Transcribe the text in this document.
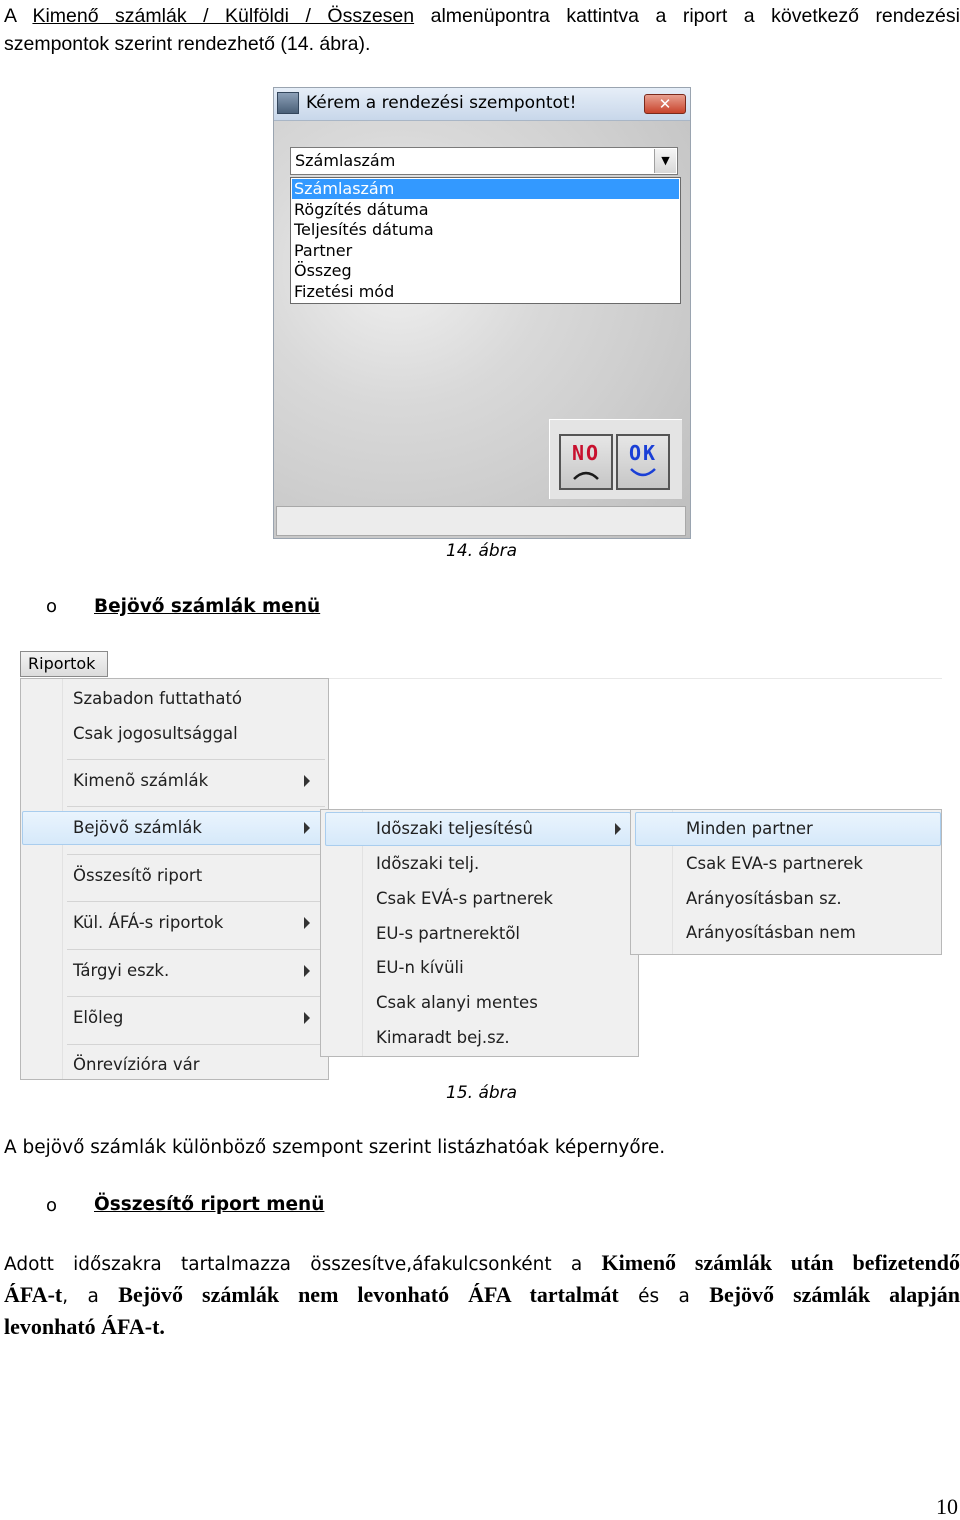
A Kimenő számlák / Külföldi / Összesen almenüpontra kattintva a riport a következő rendezési
szempontok szerint rendezhető (14. ábra).
Kérem a rendezési szempontot!	✕
Számlaszám	▼
Számlaszám
Rögzítés dátuma
Teljesítés dátuma
Partner
Összeg
Fizetési mód
NO	OK
14. ábra
o Bejövő számlák menü
Riportok
Szabadon futtatható
Csak jogosultsággal
Kimenõ számlák
Összesítõ riport
Kül. ÁFÁ-s riportok
Tárgyi eszk.
Elõleg
Önrevízióra vár
Bejövõ számlák	Idõszaki teljesítésû
Idõszaki telj.
Csak EVÁ-s partnerek
EU-s partnerektõl
EU-n kívüli
Csak alanyi mentes
Kimaradt bej.sz.
Minden partner
Csak EVA-s partnerek
Arányosításban sz.
Arányosításban nem
15. ábra
A bejövő számlák különböző szempont szerint listázhatóak képernyőre.
o Összesítő riport menü
Adott időszakra tartalmazza összesítve,áfakulcsonként a Kimenő számlák után befizetendő
ÁFA-t, a Bejövő számlák nem levonható ÁFA tartalmát és a Bejövő számlák alapján
levonható ÁFA-t.
10
